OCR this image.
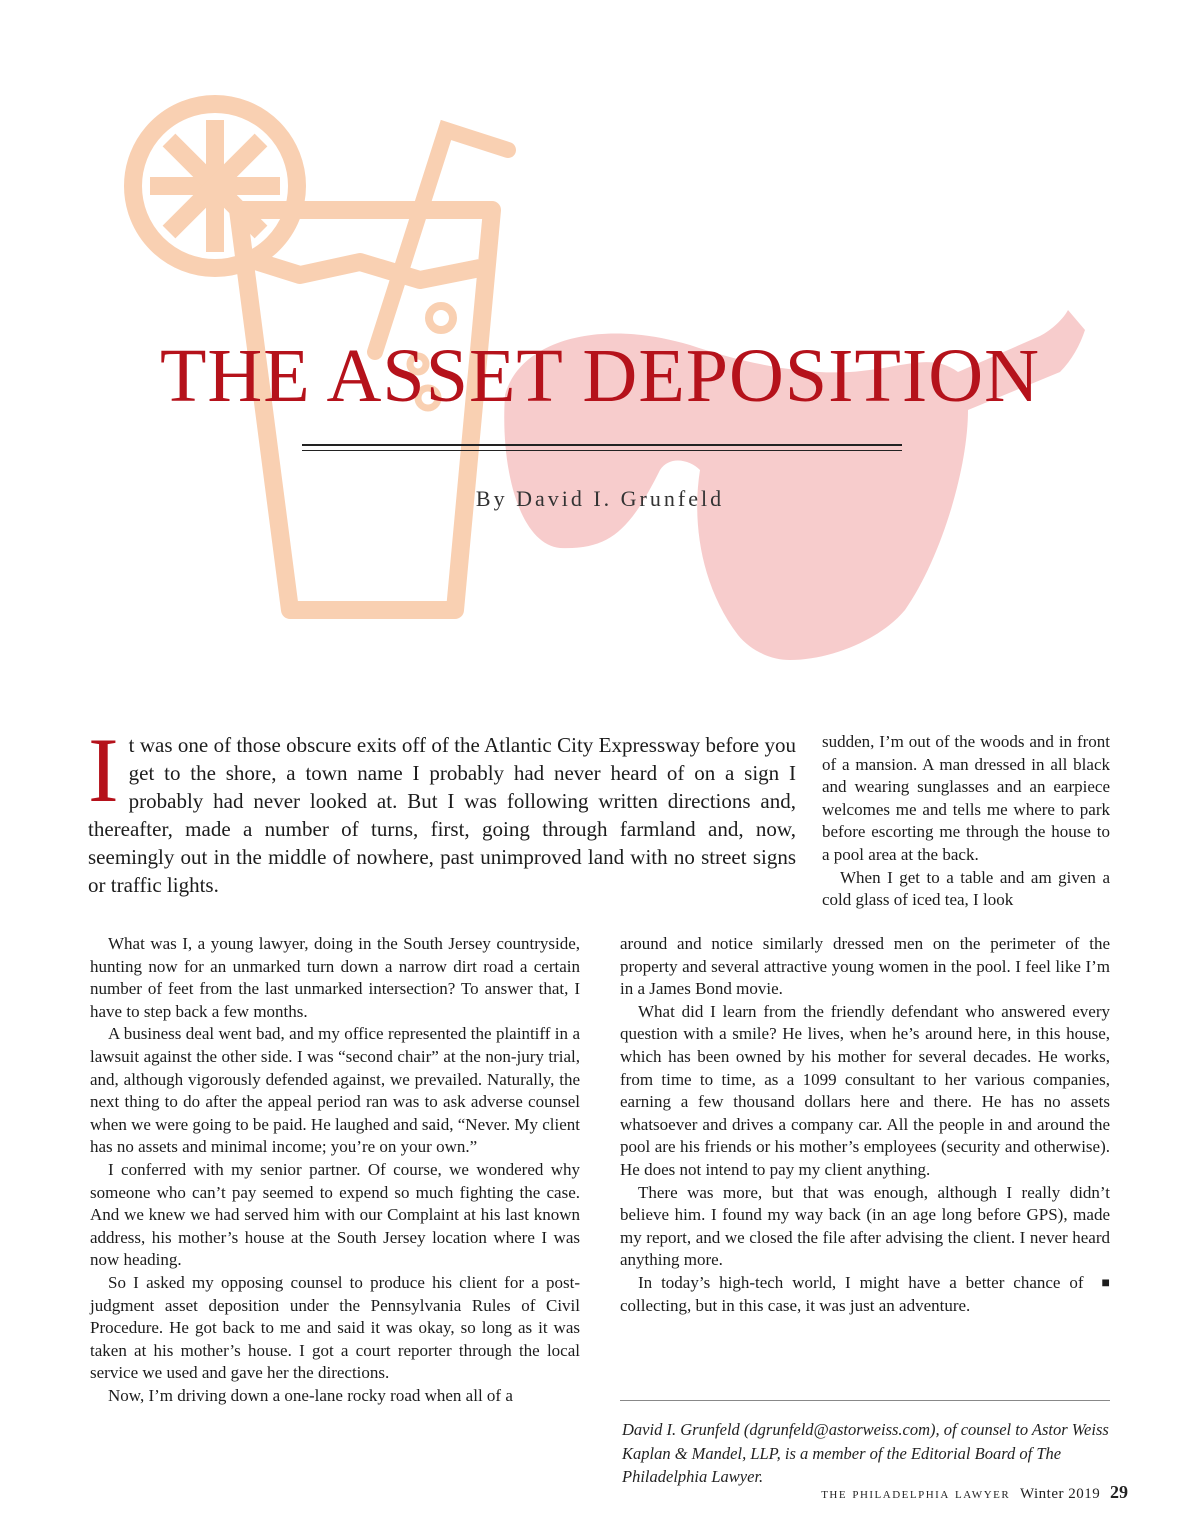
THE ASSET DEPOSITION
By David I. Grunfeld

It was one of those obscure exits off of the Atlantic City Expressway before you get to the shore, a town name I probably had never heard of on a sign I probably had never looked at. But I was following written directions and, thereafter, made a number of turns, first, going through farmland and, now, seemingly out in the middle of nowhere, past unimproved land with no street signs or traffic lights.

sudden, I’m out of the woods and in front of a mansion. A man dressed in all black and wearing sunglasses and an earpiece welcomes me and tells me where to park before escorting me through the house to a pool area at the back.

When I get to a table and am given a cold glass of iced tea, I look

What was I, a young lawyer, doing in the South Jersey countryside, hunting now for an unmarked turn down a narrow dirt road a certain number of feet from the last unmarked intersection? To answer that, I have to step back a few months.

A business deal went bad, and my office represented the plaintiff in a lawsuit against the other side. I was “second chair” at the non-jury trial, and, although vigorously defended against, we prevailed. Naturally, the next thing to do after the appeal period ran was to ask adverse counsel when we were going to be paid. He laughed and said, “Never. My client has no assets and minimal income; you’re on your own.”

I conferred with my senior partner. Of course, we wondered why someone who can’t pay seemed to expend so much fighting the case. And we knew we had served him with our Complaint at his last known address, his mother’s house at the South Jersey location where I was now heading.

So I asked my opposing counsel to produce his client for a post-judgment asset deposition under the Pennsylvania Rules of Civil Procedure. He got back to me and said it was okay, so long as it was taken at his mother’s house. I got a court reporter through the local service we used and gave her the directions.

Now, I’m driving down a one-lane rocky road when all of a

around and notice similarly dressed men on the perimeter of the property and several attractive young women in the pool. I feel like I’m in a James Bond movie.

What did I learn from the friendly defendant who answered every question with a smile? He lives, when he’s around here, in this house, which has been owned by his mother for several decades. He works, from time to time, as a 1099 consultant to her various companies, earning a few thousand dollars here and there. He has no assets whatsoever and drives a company car. All the people in and around the pool are his friends or his mother’s employees (security and otherwise). He does not intend to pay my client anything.

There was more, but that was enough, although I really didn’t believe him. I found my way back (in an age long before GPS), made my report, and we closed the file after advising the client. I never heard anything more.

■
In today’s high-tech world, I might have a better chance of collecting, but in this case, it was just an adventure.

David I. Grunfeld (dgrunfeld@astorweiss.com), of counsel to Astor Weiss Kaplan & Mandel, LLP, is a member of the Editorial Board of The Philadelphia Lawyer.

the philadelphia lawyer Winter 2019 29
